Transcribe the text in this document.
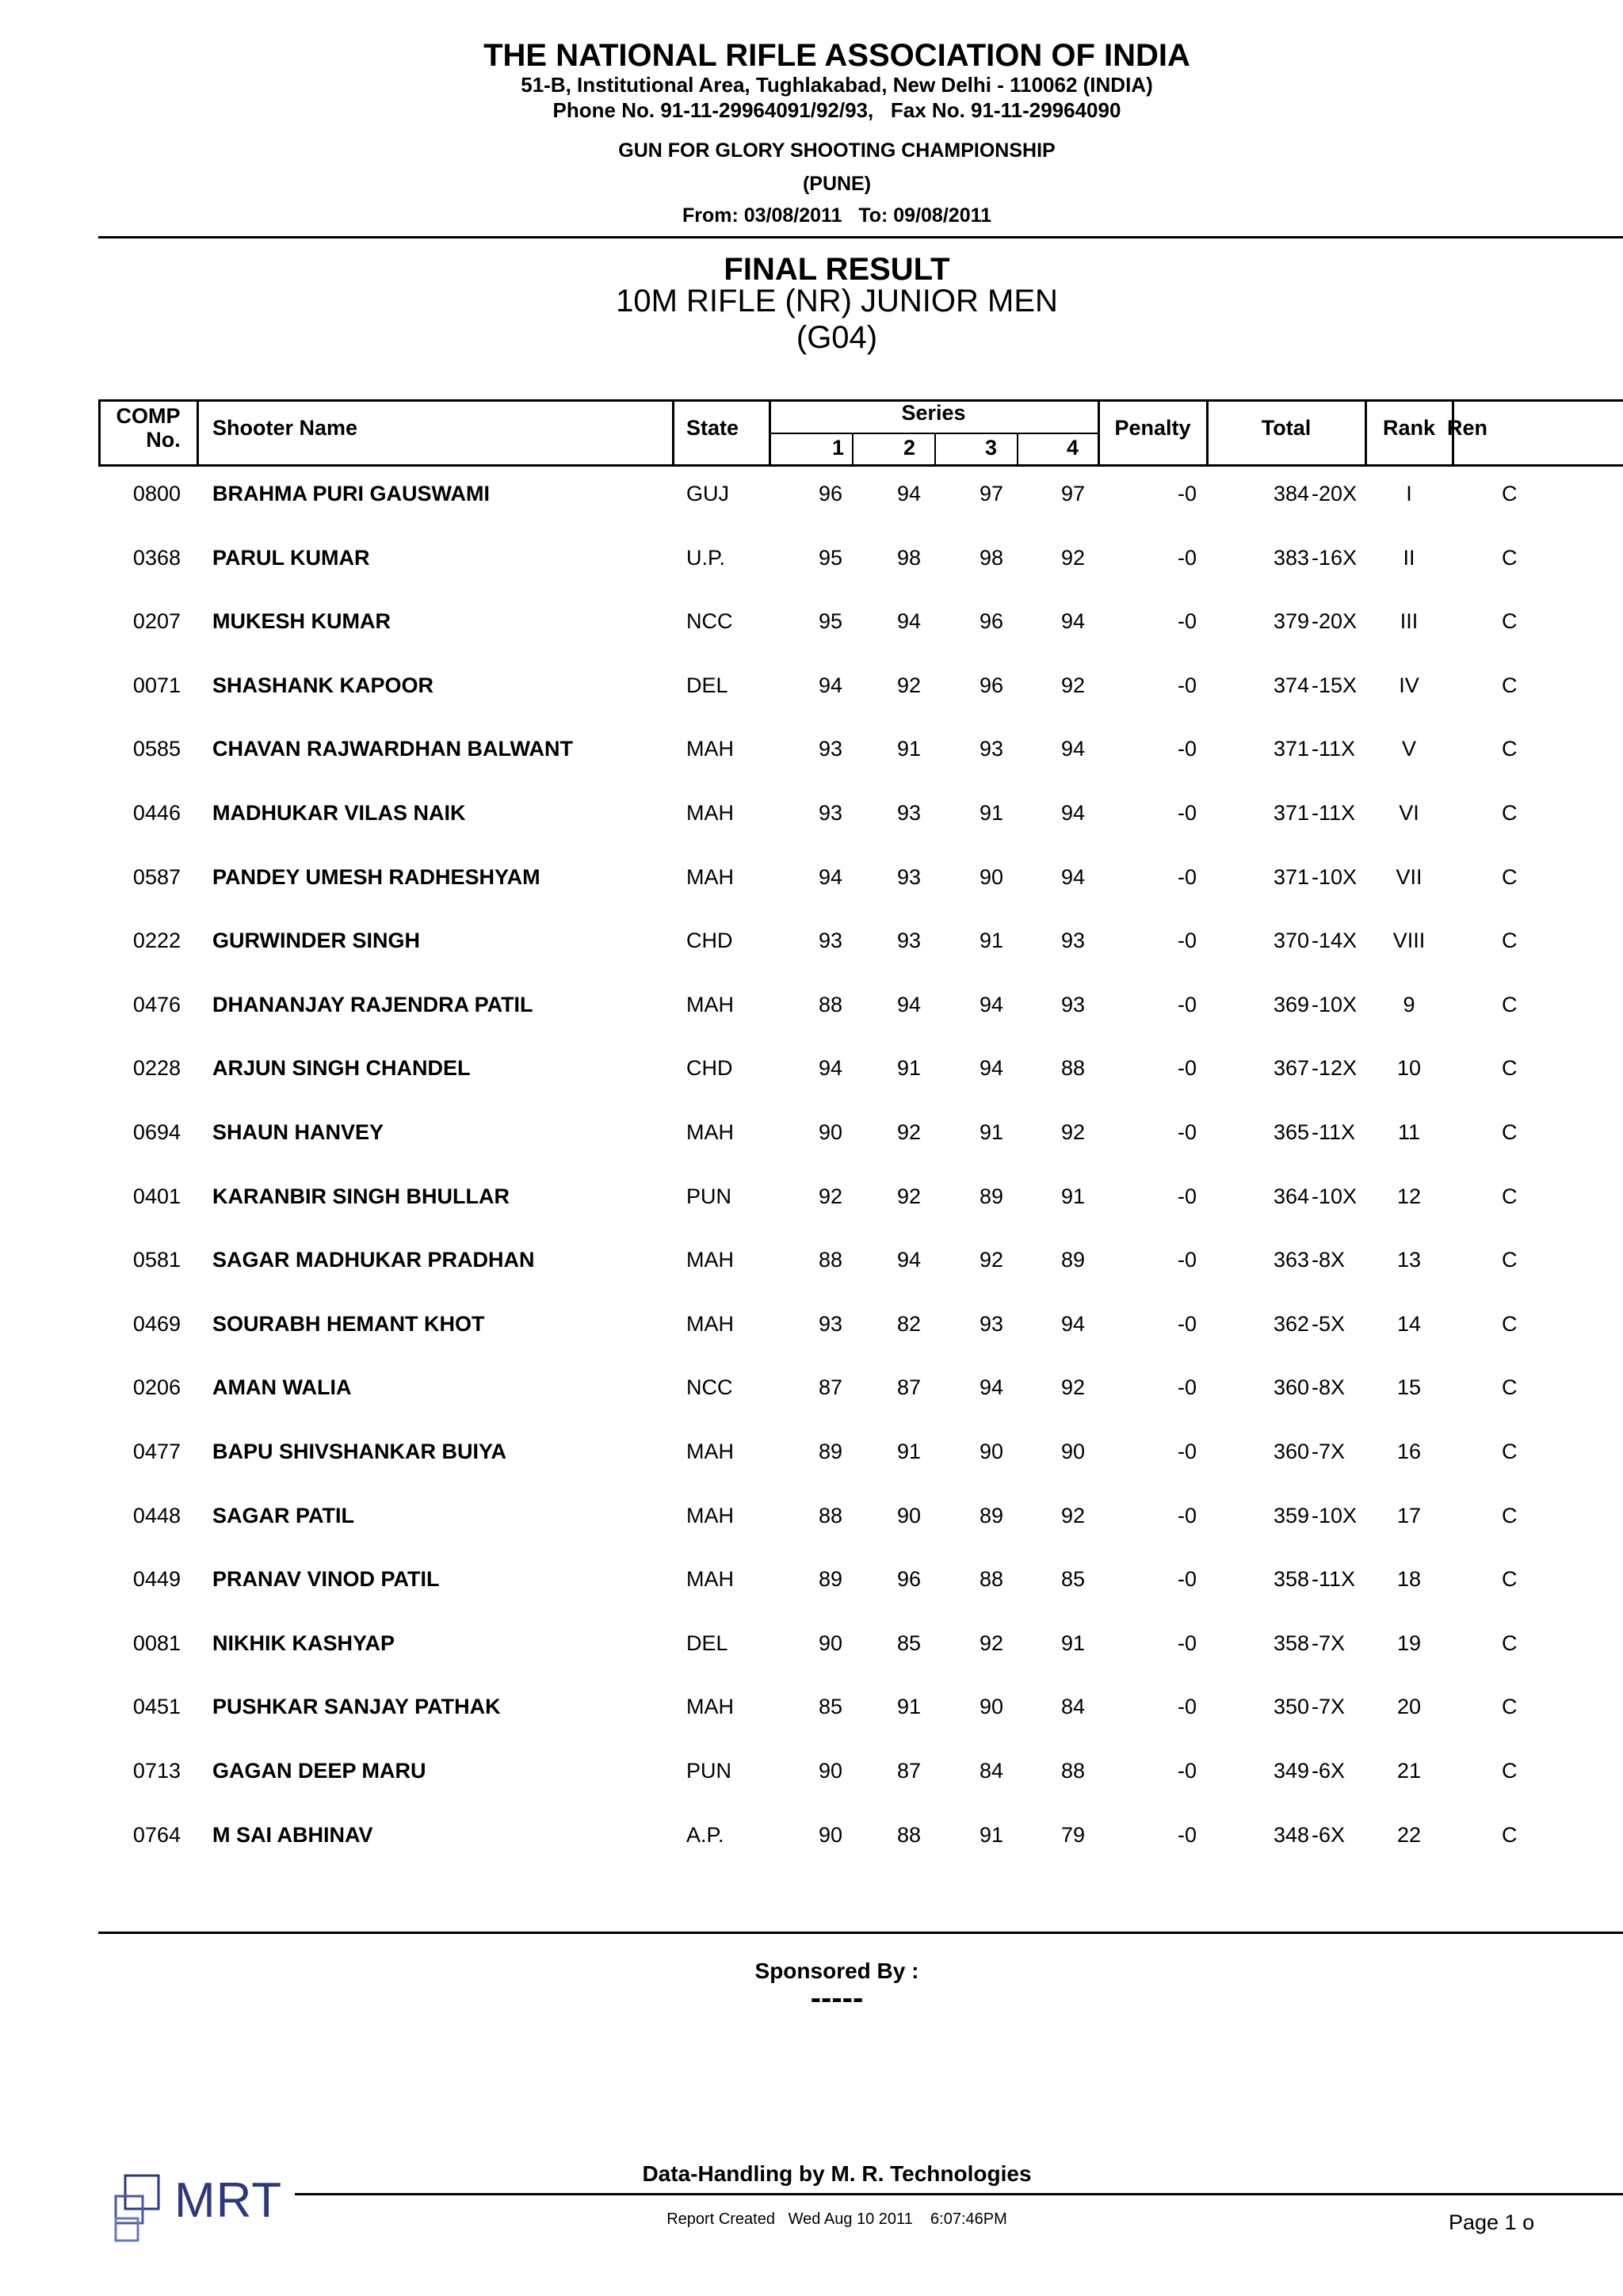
THE NATIONAL RIFLE ASSOCIATION OF INDIA
51-B, Institutional Area, Tughlakabad, New Delhi - 110062 (INDIA)
Phone No. 91-11-29964091/92/93,   Fax No. 91-11-29964090
GUN FOR GLORY SHOOTING CHAMPIONSHIP
(PUNE)
From: 03/08/2011   To: 09/08/2011
FINAL RESULT
10M RIFLE (NR) JUNIOR MEN
(G04)
COMP
No.	Shooter Name	State
Series
1	2	3	4
Penalty	Total	Rank Ren
0800 BRAHMA PURI GAUSWAMI	GUJ	96	94	97	97	-0	384 -20X	I	C
0368 PARUL KUMAR	U.P.	95	98	98	92	-0	383 -16X	II	C
0207 MUKESH KUMAR	NCC	95	94	96	94	-0	379 -20X	III	C
0071 SHASHANK KAPOOR	DEL	94	92	96	92	-0	374 -15X	IV	C
0585 CHAVAN RAJWARDHAN BALWANT	MAH	93	91	93	94	-0	371 -11X	V	C
0446 MADHUKAR VILAS NAIK	MAH	93	93	91	94	-0	371 -11X	VI	C
0587 PANDEY UMESH RADHESHYAM	MAH	94	93	90	94	-0	371 -10X	VII	C
0222 GURWINDER SINGH	CHD	93	93	91	93	-0	370 -14X	VIII	C
0476 DHANANJAY RAJENDRA PATIL	MAH	88	94	94	93	-0	369 -10X	9	C
0228 ARJUN SINGH CHANDEL	CHD	94	91	94	88	-0	367 -12X	10	C
0694 SHAUN HANVEY	MAH	90	92	91	92	-0	365 -11X	11	C
0401 KARANBIR SINGH BHULLAR	PUN	92	92	89	91	-0	364 -10X	12	C
0581 SAGAR MADHUKAR PRADHAN	MAH	88	94	92	89	-0	363 -8X	13	C
0469 SOURABH HEMANT KHOT	MAH	93	82	93	94	-0	362 -5X	14	C
0206 AMAN WALIA	NCC	87	87	94	92	-0	360 -8X	15	C
0477 BAPU SHIVSHANKAR BUIYA	MAH	89	91	90	90	-0	360 -7X	16	C
0448 SAGAR PATIL	MAH	88	90	89	92	-0	359 -10X	17	C
0449 PRANAV VINOD PATIL	MAH	89	96	88	85	-0	358 -11X	18	C
0081 NIKHIK KASHYAP	DEL	90	85	92	91	-0	358 -7X	19	C
0451 PUSHKAR SANJAY PATHAK	MAH	85	91	90	84	-0	350 -7X	20	C
0713 GAGAN DEEP MARU	PUN	90	87	84	88	-0	349 -6X	21	C
0764 M SAI ABHINAV	A.P.	90	88	91	79	-0	348 -6X	22	C
Sponsored By :
-----
Data-Handling by M. R. Technologies
Report Created   Wed Aug 10 2011    6:07:46PM	Page 1 o
MRT
